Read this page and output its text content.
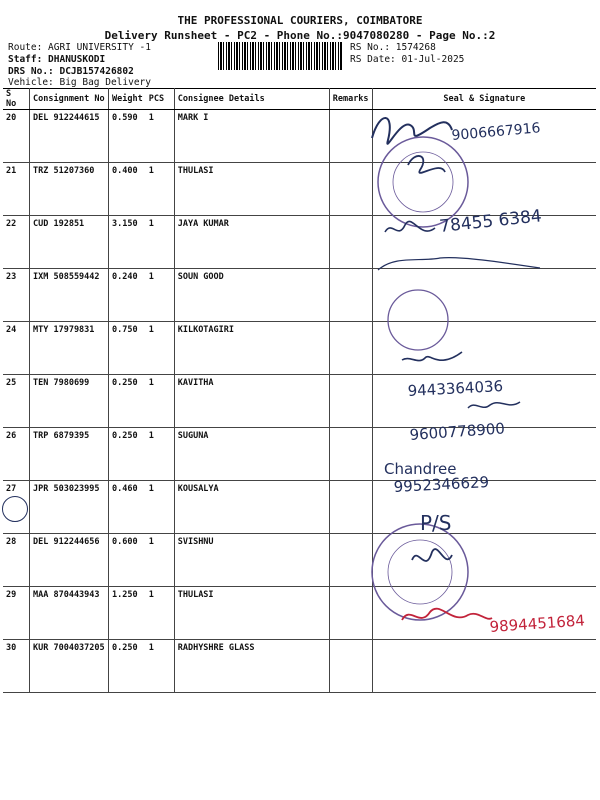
THE PROFESSIONAL COURIERS, COIMBATORE
Delivery Runsheet - PC2 - Phone No.:9047080280 - Page No.:2
Route: AGRI UNIVERSITY -1
Staff: DHANUSKODI
DRS No.: DCJB157426802
Vehicle: Big Bag Delivery
RS No.: 1574268
RS Date: 01-Jul-2025
S No	Consignment No	Weight	PCS	Consignee Details	Remarks	Seal & Signature
20	DEL 912244615	0.590	1	MARK I		
21	TRZ 51207360	0.400	1	THULASI		
22	CUD 192851	3.150	1	JAYA KUMAR		
23	IXM 508559442	0.240	1	SOUN GOOD		
24	MTY 17979831	0.750	1	KILKOTAGIRI		
25	TEN 7980699	0.250	1	KAVITHA		
26	TRP 6879395	0.250	1	SUGUNA		
27	JPR 503023995	0.460	1	KOUSALYA		
28	DEL 912244656	0.600	1	SVISHNU		
29	MAA 870443943	1.250	1	THULASI		
30	KUR 7004037205	0.250	1	RADHYSHRE GLASS		
9006667916
78455 6384
9443364036
9600778900
Chandree
9952346629
P/S
9894451684
